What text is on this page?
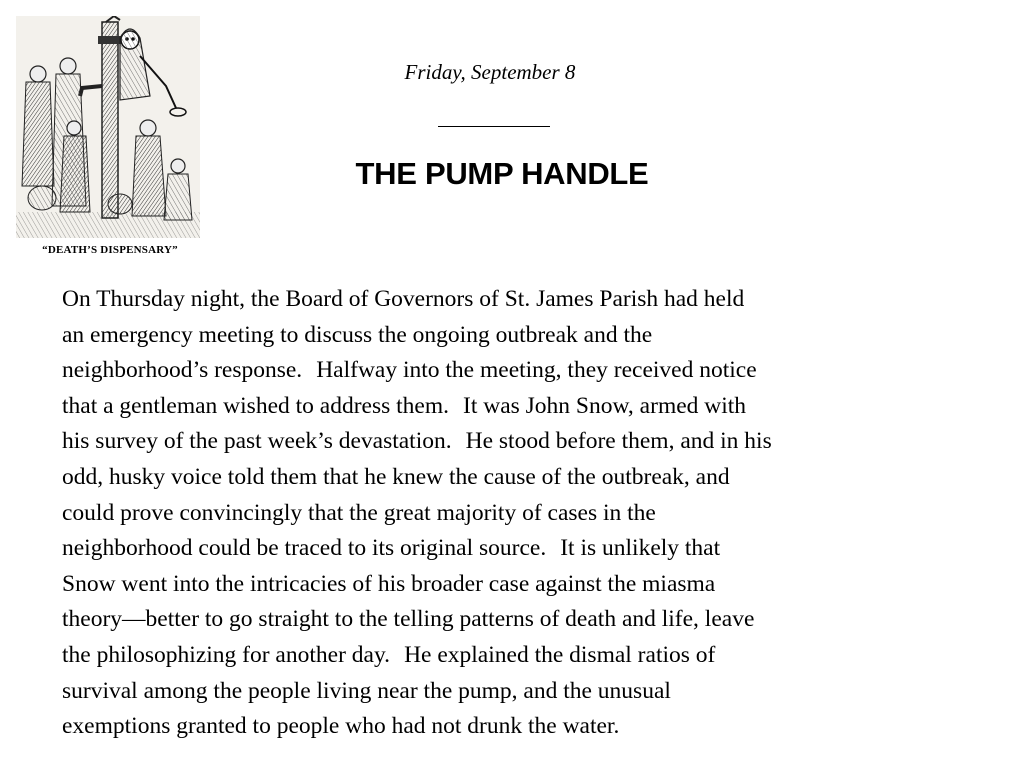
“DEATH’S DISPENSARY”
Friday, September 8
THE PUMP HANDLE
On Thursday night, the Board of Governors of St. James Parish had held
an emergency meeting to discuss the ongoing outbreak and the
neighborhood’s response. Halfway into the meeting, they received notice
that a gentleman wished to address them. It was John Snow, armed with
his survey of the past week’s devastation. He stood before them, and in his
odd, husky voice told them that he knew the cause of the outbreak, and
could prove convincingly that the great majority of cases in the
neighborhood could be traced to its original source. It is unlikely that
Snow went into the intricacies of his broader case against the miasma
theory—better to go straight to the telling patterns of death and life, leave
the philosophizing for another day. He explained the dismal ratios of
survival among the people living near the pump, and the unusual
exemptions granted to people who had not drunk the water.
